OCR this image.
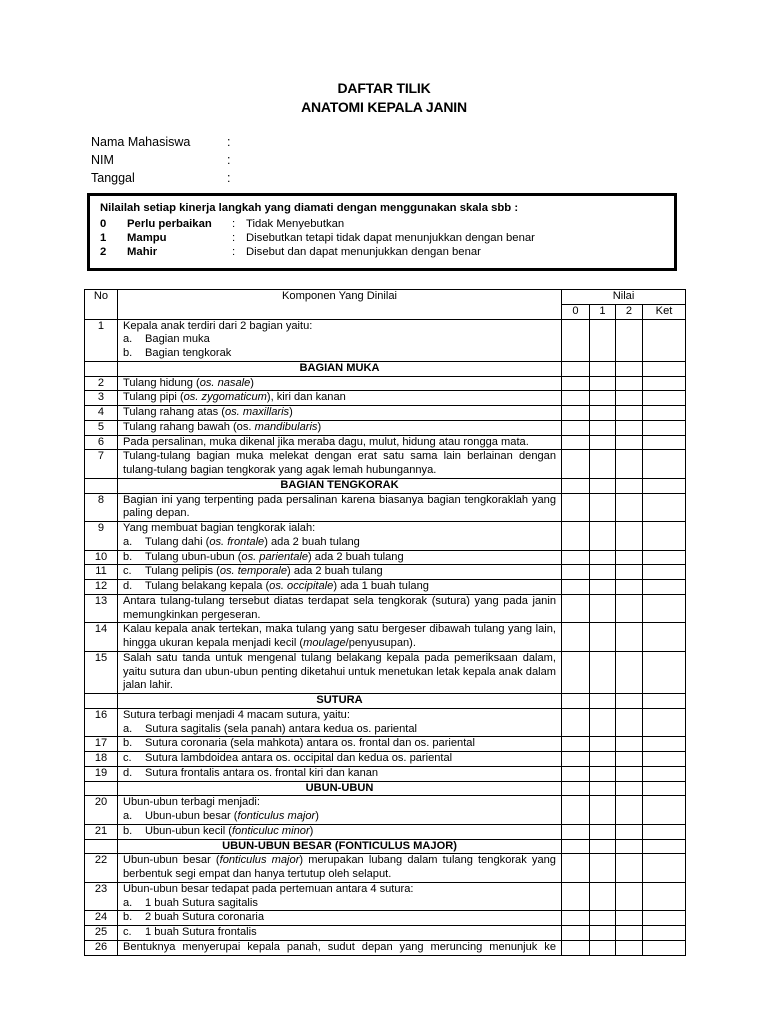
DAFTAR TILIK
ANATOMI KEPALA JANIN
Nama Mahasiswa	:
NIM	:
Tanggal	:
Nilailah setiap kinerja langkah yang diamati dengan menggunakan skala sbb :
0	Perlu perbaikan	: Tidak Menyebutkan
1	Mampu	: Disebutkan tetapi tidak dapat menunjukkan dengan benar
2	Mahir	: Disebut dan dapat menunjukkan dengan benar
No	Komponen Yang Dinilai	Nilai			
		0	1	2	Ket
1	Kepala anak terdiri dari 2 bagian yaitu:
a. Bagian muka
b. Bagian tengkorak				

	BAGIAN MUKA				
2	Tulang hidung (os. nasale)				
3	Tulang pipi (os. zygomaticum), kiri dan kanan				
4	Tulang rahang atas (os. maxillaris)				
5	Tulang rahang bawah (os. mandibularis)				
6	Pada persalinan, muka dikenal jika meraba dagu, mulut, hidung atau rongga mata.				
7	Tulang-tulang bagian muka melekat dengan erat satu sama lain berlainan dengan tulang-tulang bagian tengkorak yang agak lemah hubungannya.				
	BAGIAN TENGKORAK				
8	Bagian ini yang terpenting pada persalinan karena biasanya bagian tengkoraklah yang paling depan.				
9	Yang membuat bagian tengkorak ialah:
a. Tulang dahi (os. frontale) ada 2 buah tulang				

10	b. Tulang ubun-ubun (os. parientale) ada 2 buah tulang				

11	c. Tulang pelipis (os. temporale) ada 2 buah tulang				

12	d. Tulang belakang kepala (os. occipitale) ada 1 buah tulang				

13	Antara tulang-tulang tersebut diatas terdapat sela tengkorak (sutura) yang pada janin memungkinkan pergeseran.				
14	Kalau kepala anak tertekan, maka tulang yang satu bergeser dibawah tulang yang lain, hingga ukuran kepala menjadi kecil (moulage/penyusupan).				
15	Salah satu tanda untuk mengenal tulang belakang kepala pada pemeriksaan dalam, yaitu sutura dan ubun-ubun penting diketahui untuk menetukan letak kepala anak dalam jalan lahir.				
	SUTURA				
16	Sutura terbagi menjadi 4 macam sutura, yaitu:
a. Sutura sagitalis (sela panah) antara kedua os. pariental				

17	b. Sutura coronaria (sela mahkota) antara os. frontal dan os. pariental				

18	c. Sutura lambdoidea antara os. occipital dan kedua os. pariental				

19	d. Sutura frontalis antara os. frontal kiri dan kanan				

	UBUN-UBUN				
20	Ubun-ubun terbagi menjadi:
a. Ubun-ubun besar (fonticulus major)				

21	b. Ubun-ubun kecil (fonticuluc minor)				

	UBUN-UBUN BESAR (FONTICULUS MAJOR)				
22	Ubun-ubun besar (fonticulus major) merupakan lubang dalam tulang tengkorak yang berbentuk segi empat dan hanya tertutup oleh selaput.				
23	Ubun-ubun besar tedapat pada pertemuan antara 4 sutura:
a. 1 buah Sutura sagitalis				

24	b. 2 buah Sutura coronaria				

25	c. 1 buah Sutura frontalis				

26	Bentuknya menyerupai kepala panah, sudut depan yang meruncing menunjuk ke				
